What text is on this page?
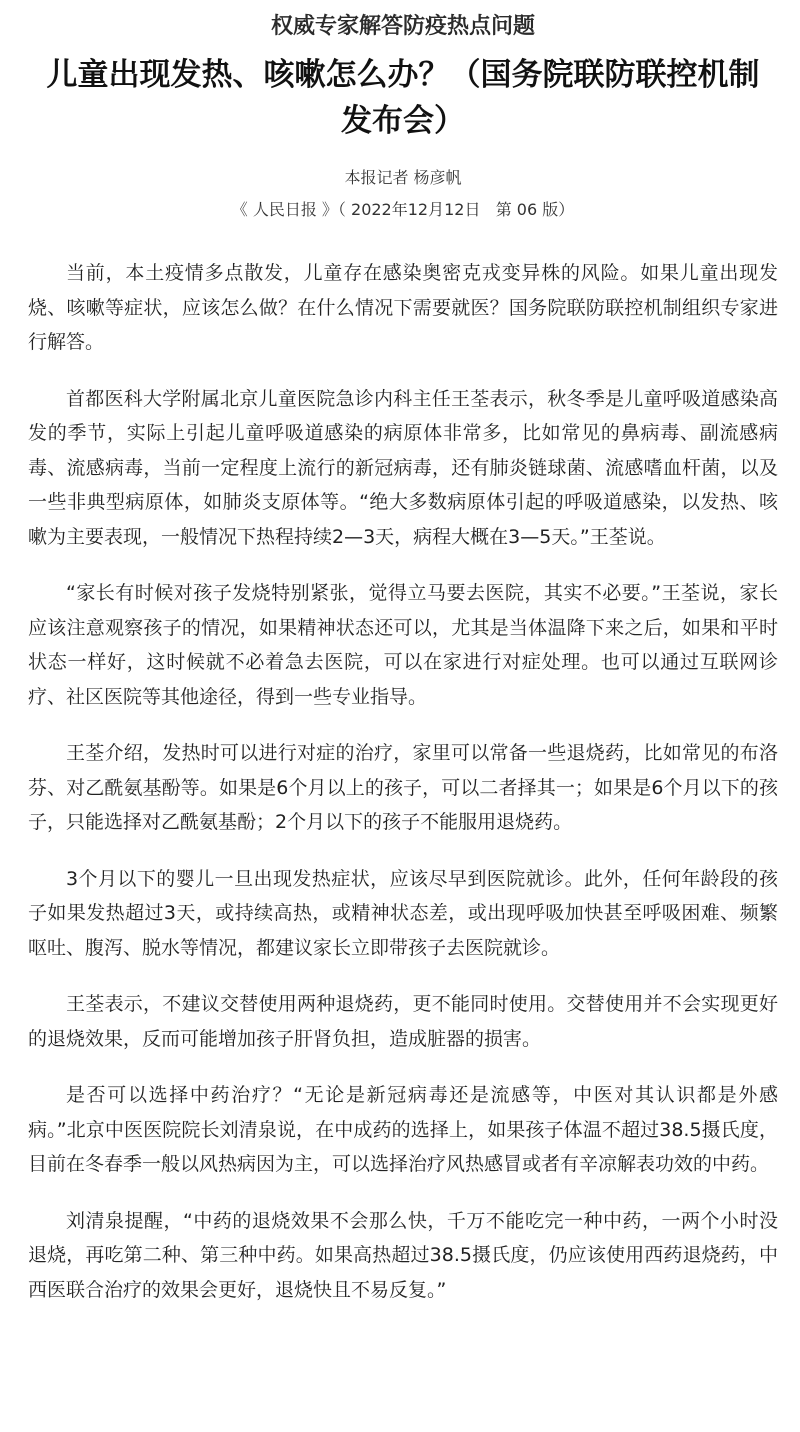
权威专家解答防疫热点问题
儿童出现发热、咳嗽怎么办？（国务院联防联控机制发布会）
本报记者 杨彦帆
《 人民日报 》（ 2022年12月12日   第 06 版）

当前，本土疫情多点散发，儿童存在感染奥密克戎变异株的风险。如果儿童出现发烧、咳嗽等症状，应该怎么做？在什么情况下需要就医？国务院联防联控机制组织专家进行解答。

首都医科大学附属北京儿童医院急诊内科主任王荃表示，秋冬季是儿童呼吸道感染高发的季节，实际上引起儿童呼吸道感染的病原体非常多，比如常见的鼻病毒、副流感病毒、流感病毒，当前一定程度上流行的新冠病毒，还有肺炎链球菌、流感嗜血杆菌，以及一些非典型病原体，如肺炎支原体等。“绝大多数病原体引起的呼吸道感染，以发热、咳嗽为主要表现，一般情况下热程持续2—3天，病程大概在3—5天。”王荃说。

“家长有时候对孩子发烧特别紧张，觉得立马要去医院，其实不必要。”王荃说，家长应该注意观察孩子的情况，如果精神状态还可以，尤其是当体温降下来之后，如果和平时状态一样好，这时候就不必着急去医院，可以在家进行对症处理。也可以通过互联网诊疗、社区医院等其他途径，得到一些专业指导。

王荃介绍，发热时可以进行对症的治疗，家里可以常备一些退烧药，比如常见的布洛芬、对乙酰氨基酚等。如果是6个月以上的孩子，可以二者择其一；如果是6个月以下的孩子，只能选择对乙酰氨基酚；2个月以下的孩子不能服用退烧药。

3个月以下的婴儿一旦出现发热症状，应该尽早到医院就诊。此外，任何年龄段的孩子如果发热超过3天，或持续高热，或精神状态差，或出现呼吸加快甚至呼吸困难、频繁呕吐、腹泻、脱水等情况，都建议家长立即带孩子去医院就诊。

王荃表示，不建议交替使用两种退烧药，更不能同时使用。交替使用并不会实现更好的退烧效果，反而可能增加孩子肝肾负担，造成脏器的损害。

是否可以选择中药治疗？“无论是新冠病毒还是流感等，中医对其认识都是外感病。”北京中医医院院长刘清泉说，在中成药的选择上，如果孩子体温不超过38.5摄氏度，目前在冬春季一般以风热病因为主，可以选择治疗风热感冒或者有辛凉解表功效的中药。

刘清泉提醒，“中药的退烧效果不会那么快，千万不能吃完一种中药，一两个小时没退烧，再吃第二种、第三种中药。如果高热超过38.5摄氏度，仍应该使用西药退烧药，中西医联合治疗的效果会更好，退烧快且不易反复。”
